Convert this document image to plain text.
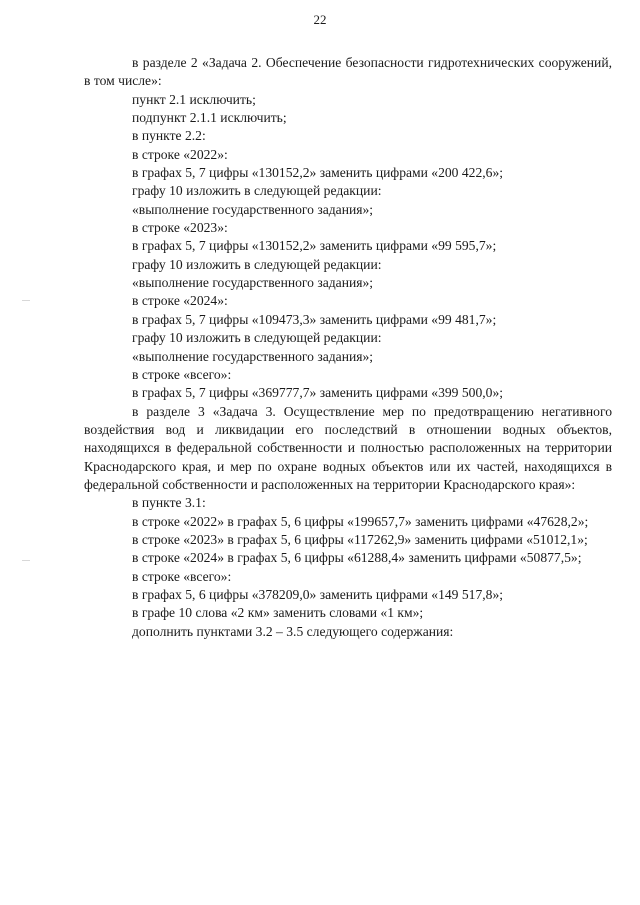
22

в разделе 2 «Задача 2. Обеспечение безопасности гидротехнических сооружений, в том числе»:

пункт 2.1 исключить;

подпункт 2.1.1 исключить;

в пункте 2.2:

в строке «2022»:

в графах 5, 7 цифры «130152,2» заменить цифрами «200 422,6»;

графу 10 изложить в следующей редакции:

«выполнение государственного задания»;

в строке «2023»:

в графах 5, 7 цифры «130152,2» заменить цифрами «99 595,7»;

графу 10 изложить в следующей редакции:

«выполнение государственного задания»;

в строке «2024»:

в графах 5, 7 цифры «109473,3» заменить цифрами «99 481,7»;

графу 10 изложить в следующей редакции:

«выполнение государственного задания»;

в строке «всего»:

в графах 5, 7 цифры «369777,7» заменить цифрами «399 500,0»;

в разделе 3 «Задача 3. Осуществление мер по предотвращению негативного воздействия вод и ликвидации его последствий в отношении водных объектов, находящихся в федеральной собственности и полностью расположенных на территории Краснодарского края, и мер по охране водных объектов или их частей, находящихся в федеральной собственности и расположенных на территории Краснодарского края»:

в пункте 3.1:

в строке «2022» в графах 5, 6 цифры «199657,7» заменить цифрами «47628,2»;

в строке «2023» в графах 5, 6 цифры «117262,9» заменить цифрами «51012,1»;

в строке «2024» в графах 5, 6 цифры «61288,4» заменить цифрами «50877,5»;

в строке «всего»:

в графах 5, 6 цифры «378209,0» заменить цифрами «149 517,8»;

в графе 10 слова «2 км» заменить словами «1 км»;

дополнить пунктами 3.2 – 3.5 следующего содержания:
